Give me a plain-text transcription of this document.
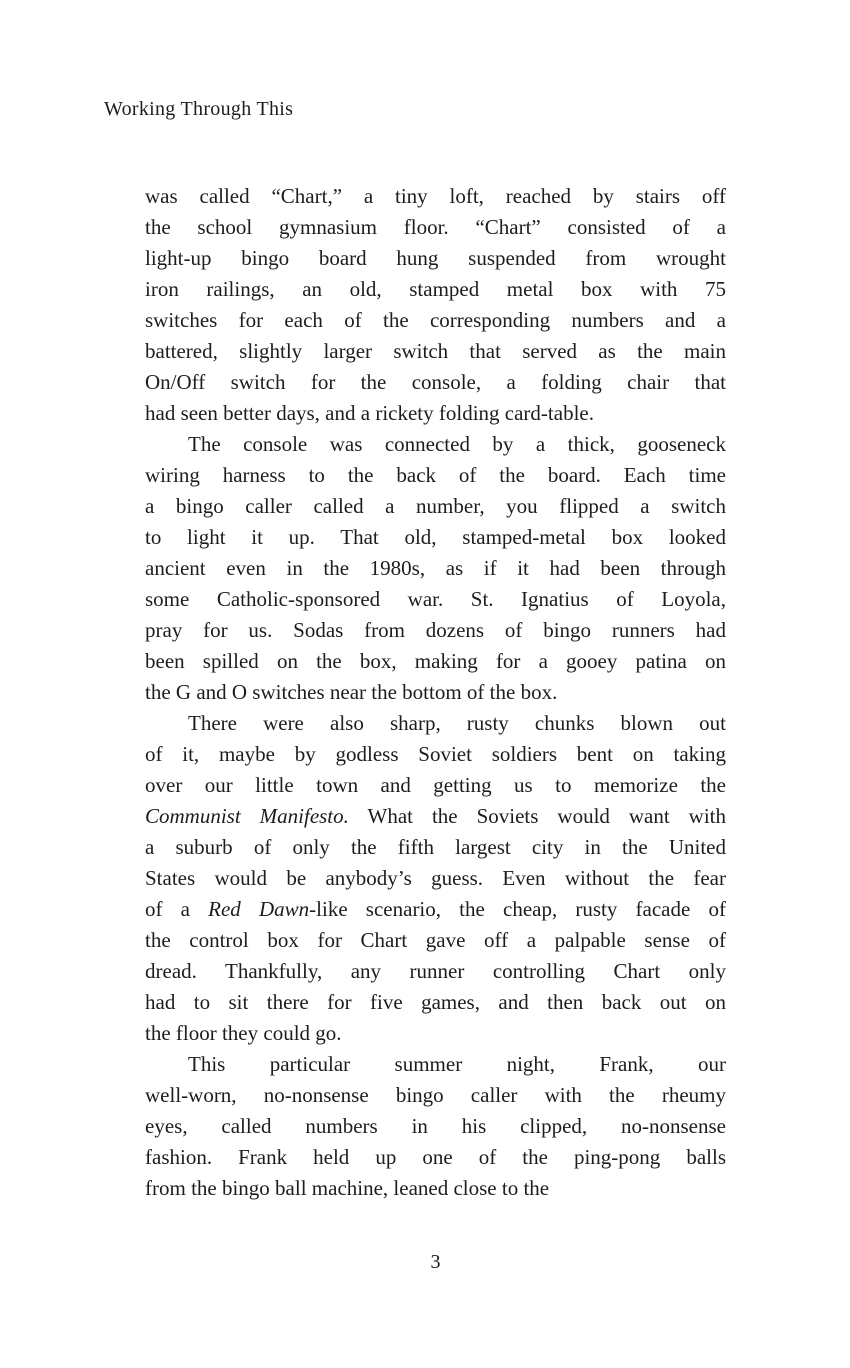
Working Through This
was called “Chart,” a tiny loft, reached by stairs off
the school gymnasium floor. “Chart” consisted of a
light-up bingo board hung suspended from wrought
iron railings, an old, stamped metal box with 75
switches for each of the corresponding numbers and a
battered, slightly larger switch that served as the main
On/Off switch for the console, a folding chair that
had seen better days, and a rickety folding card-table.
The console was connected by a thick, gooseneck
wiring harness to the back of the board. Each time
a bingo caller called a number, you flipped a switch
to light it up. That old, stamped-metal box looked
ancient even in the 1980s, as if it had been through
some Catholic-sponsored war. St. Ignatius of Loyola,
pray for us. Sodas from dozens of bingo runners had
been spilled on the box, making for a gooey patina on
the G and O switches near the bottom of the box.
There were also sharp, rusty chunks blown out
of it, maybe by godless Soviet soldiers bent on taking
over our little town and getting us to memorize the
Communist Manifesto. What the Soviets would want with
a suburb of only the fifth largest city in the United
States would be anybody’s guess. Even without the fear
of a Red Dawn-like scenario, the cheap, rusty facade of
the control box for Chart gave off a palpable sense of
dread. Thankfully, any runner controlling Chart only
had to sit there for five games, and then back out on
the floor they could go.
This particular summer night, Frank, our
well-worn, no-nonsense bingo caller with the rheumy
eyes, called numbers in his clipped, no-nonsense
fashion. Frank held up one of the ping-pong balls
from the bingo ball machine, leaned close to the
3
